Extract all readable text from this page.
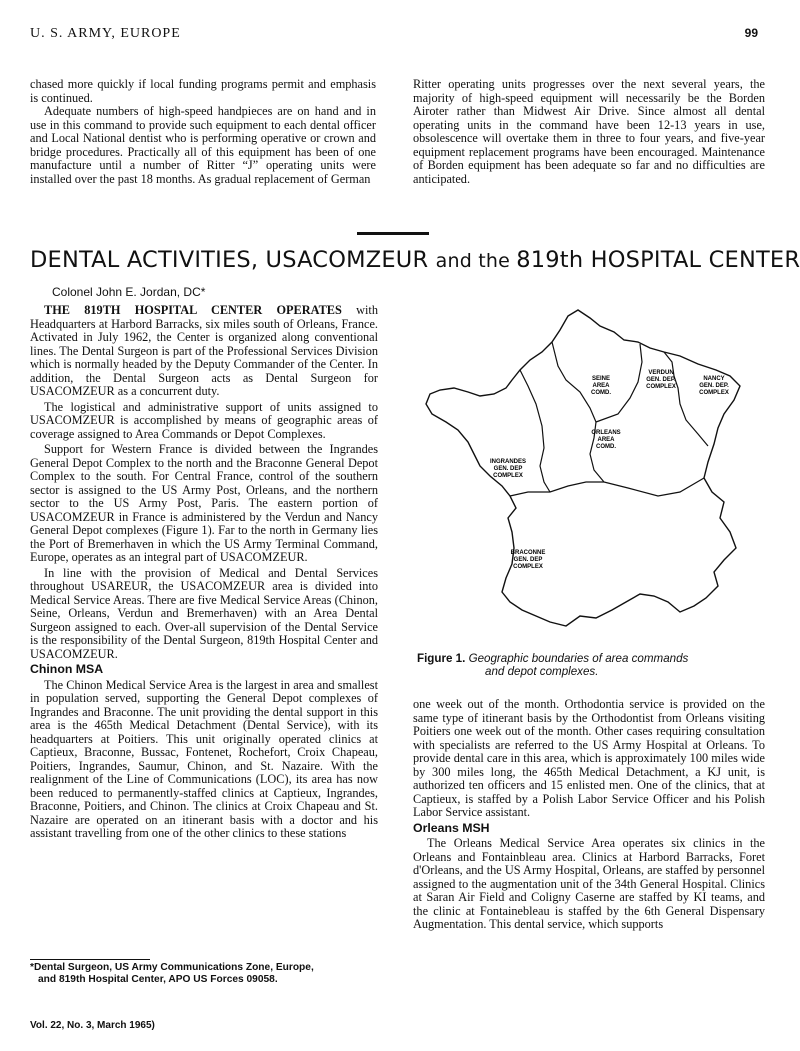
U. S. ARMY, EUROPE	99

chased more quickly if local funding programs permit and emphasis is continued.

Adequate numbers of high-speed handpieces are on hand and in use in this command to provide such equipment to each dental officer and Local National dentist who is performing operative or crown and bridge procedures. Practically all of this equipment has been of one manufacture until a number of Ritter “J” operating units were installed over the past 18 months. As gradual replacement of German

Ritter operating units progresses over the next several years, the majority of high-speed equipment will necessarily be the Borden Airoter rather than Midwest Air Drive. Since almost all dental operating units in the command have been 12-13 years in use, obsolescence will overtake them in three to four years, and five-year equipment replacement programs have been encouraged. Maintenance of Borden equipment has been adequate so far and no difficulties are anticipated.

DENTAL ACTIVITIES, USACOMZEUR and the 819th HOSPITAL CENTER
Colonel John E. Jordan, DC*

THE 819TH HOSPITAL CENTER OPERATES with Headquarters at Harbord Barracks, six miles south of Orleans, France. Activated in July 1962, the Center is organized along conventional lines. The Dental Surgeon is part of the Professional Services Division which is normally headed by the Deputy Commander of the Center. In addition, the Dental Surgeon acts as Dental Surgeon for USACOMZEUR as a concurrent duty.

The logistical and administrative support of units assigned to USACOMZEUR is accomplished by means of geographic areas of coverage assigned to Area Commands or Depot Complexes.

Support for Western France is divided between the Ingrandes General Depot Complex to the north and the Braconne General Depot Complex to the south. For Central France, control of the southern sector is assigned to the US Army Post, Orleans, and the northern sector to the US Army Post, Paris. The eastern portion of USACOMZEUR in France is administered by the Verdun and Nancy General Depot complexes (Figure 1). Far to the north in Germany lies the Port of Bremerhaven in which the US Army Terminal Command, Europe, operates as an integral part of USACOMZEUR.

In line with the provision of Medical and Dental Services throughout USAREUR, the USACOMZEUR area is divided into Medical Service Areas. There are five Medical Service Areas (Chinon, Seine, Orleans, Verdun and Bremerhaven) with an Area Dental Surgeon assigned to each. Over-all supervision of the Dental Service is the responsibility of the Dental Surgeon, 819th Hospital Center and USACOMZEUR.

Chinon MSA

The Chinon Medical Service Area is the largest in area and smallest in population served, supporting the General Depot complexes of Ingrandes and Braconne. The unit providing the dental support in this area is the 465th Medical Detachment (Dental Service), with its headquarters at Poitiers. This unit originally operated clinics at Captieux, Braconne, Bussac, Fontenet, Rochefort, Croix Chapeau, Poitiers, Ingrandes, Saumur, Chinon, and St. Nazaire. With the realignment of the Line of Communications (LOC), its area has now been reduced to permanently-staffed clinics at Captieux, Ingrandes, Braconne, Poitiers, and Chinon. The clinics at Croix Chapeau and St. Nazaire are operated on an itinerant basis with a doctor and his assistant travelling from one of the other clinics to these stations

SEINE
AREA
COMD.
VERDUN
GEN. DEP.
COMPLEX
NANCY
GEN. DEP.
COMPLEX
ORLEANS
AREA
COMD.
INGRANDES
GEN. DEP
COMPLEX
BRACONNE
GEN. DEP
COMPLEX
Figure 1. Geographic boundaries of area commands
and depot complexes.

one week out of the month. Orthodontia service is provided on the same type of itinerant basis by the Orthodontist from Orleans visiting Poitiers one week out of the month. Other cases requiring consultation with specialists are referred to the US Army Hospital at Orleans. To provide dental care in this area, which is approximately 100 miles wide by 300 miles long, the 465th Medical Detachment, a KJ unit, is authorized ten officers and 15 enlisted men. One of the clinics, that at Captieux, is staffed by a Polish Labor Service Officer and his Polish Labor Service assistant.

Orleans MSH

The Orleans Medical Service Area operates six clinics in the Orleans and Fontainbleau area. Clinics at Harbord Barracks, Foret d'Orleans, and the US Army Hospital, Orleans, are staffed by personnel assigned to the augmentation unit of the 34th General Hospital. Clinics at Saran Air Field and Coligny Caserne are staffed by KI teams, and the clinic at Fontainebleau is staffed by the 6th General Dispensary Augmentation. This dental service, which supports

*Dental Surgeon, US Army Communications Zone, Europe,
and 819th Hospital Center, APO US Forces 09058.
Vol. 22, No. 3, March 1965)
